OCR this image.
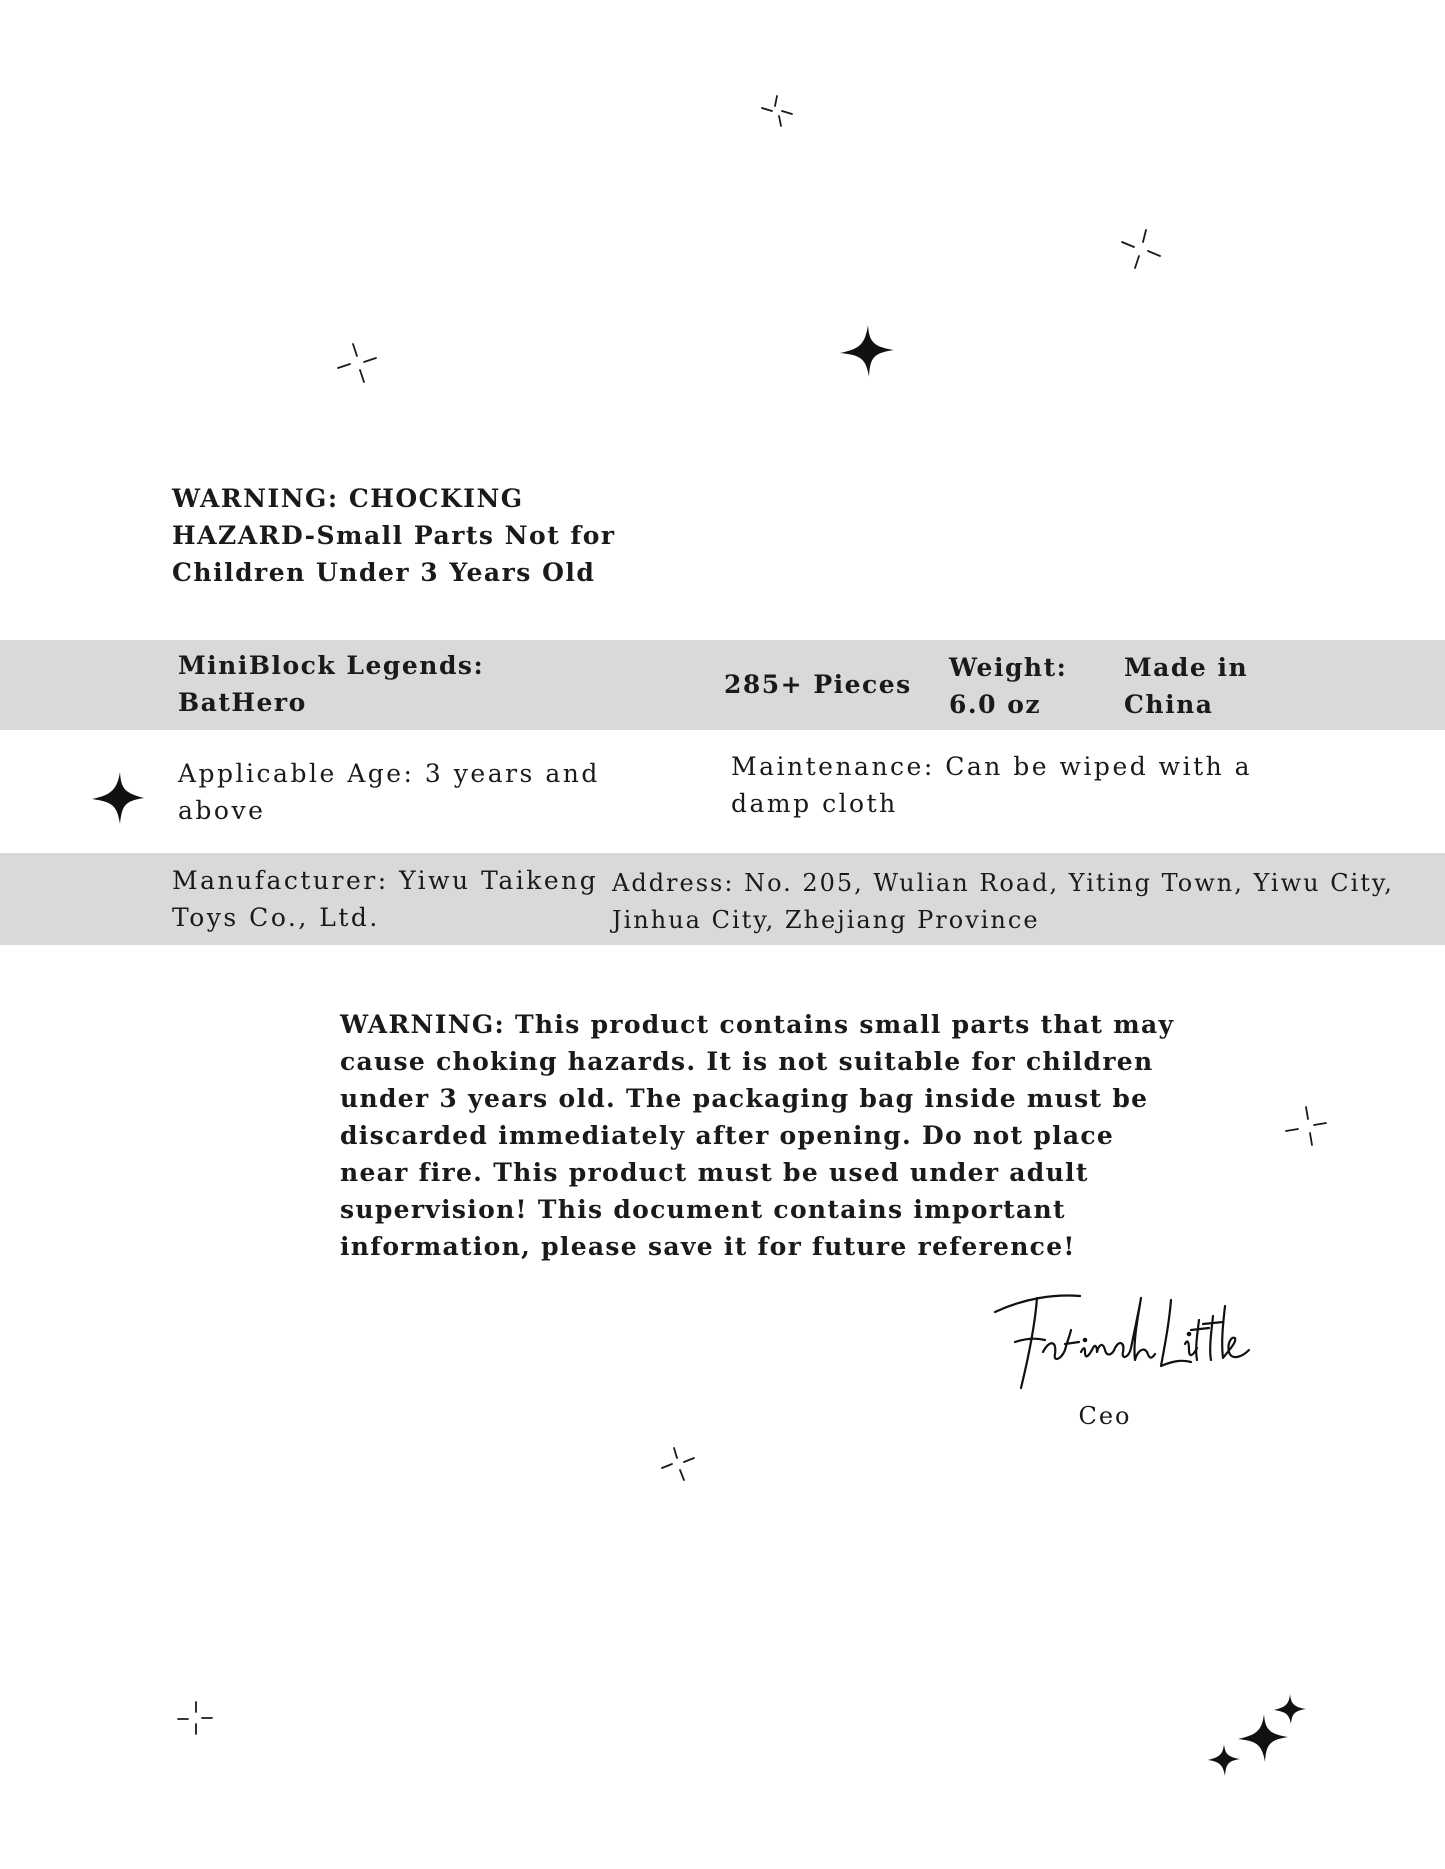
WARNING: CHOCKING HAZARD-Small Parts Not for Children Under 3 Years Old
MiniBlock Legends:
BatHero
285+ Pieces
Weight:
6.0 oz
Made in
China
Applicable Age: 3 years and
above
Maintenance: Can be wiped with a
damp cloth
Manufacturer: Yiwu Taikeng
Toys Co., Ltd.
Address: No. 205, Wulian Road, Yiting Town, Yiwu City,
Jinhua City, Zhejiang Province
WARNING: This product contains small parts that may cause choking hazards. It is not suitable for children under 3 years old. The packaging bag inside must be discarded immediately after opening. Do not place near fire. This product must be used under adult supervision! This document contains important information, please save it for future reference!
Fatimah Little
Ceo
